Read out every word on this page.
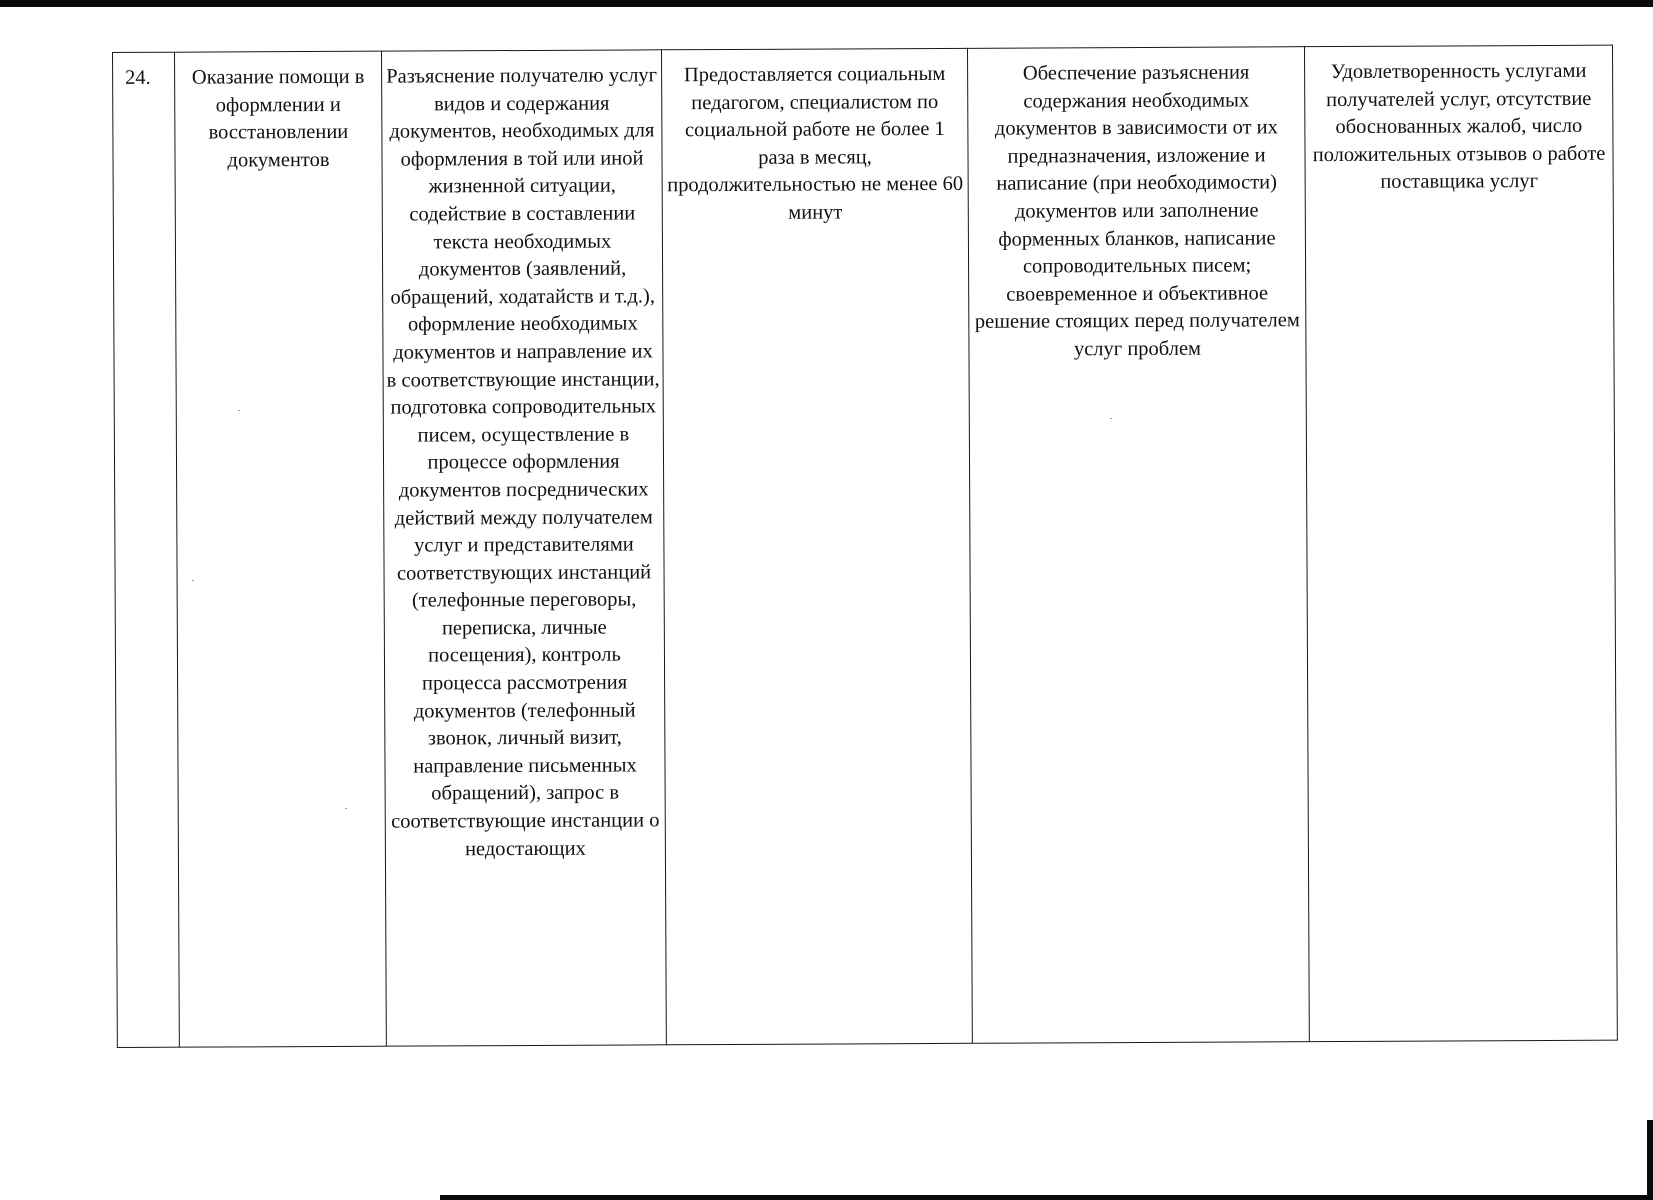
24.	Оказание помощи в оформлении и восстановлении документов	Разъяснение получателю услуг видов и содержания документов, необходимых для оформления в той или иной жизненной ситуации, содействие в составлении текста необходимых документов (заявлений, обращений, ходатайств и т.д.), оформление необходимых документов и направление их в соответствующие инстанции, подготовка сопроводительных писем, осуществление в процессе оформления документов посреднических действий между получателем услуг и представителями соответствующих инстанций (телефонные переговоры, переписка, личные посещения), контроль процесса рассмотрения документов (телефонный звонок, личный визит, направление письменных обращений), запрос в соответствующие инстанции о недостающих	Предоставляется социальным педагогом, специалистом по социальной работе не более 1 раза в месяц, продолжительностью не менее 60 минут	Обеспечение разъяснения содержания необходимых документов в зависимости от их предназначения, изложение и написание (при необходимости) документов или заполнение форменных бланков, написание сопроводительных писем; своевременное и объективное решение стоящих перед получателем услуг проблем	Удовлетворенность услугами получателей услуг, отсутствие обоснованных жалоб, число положительных отзывов о работе поставщика услуг
